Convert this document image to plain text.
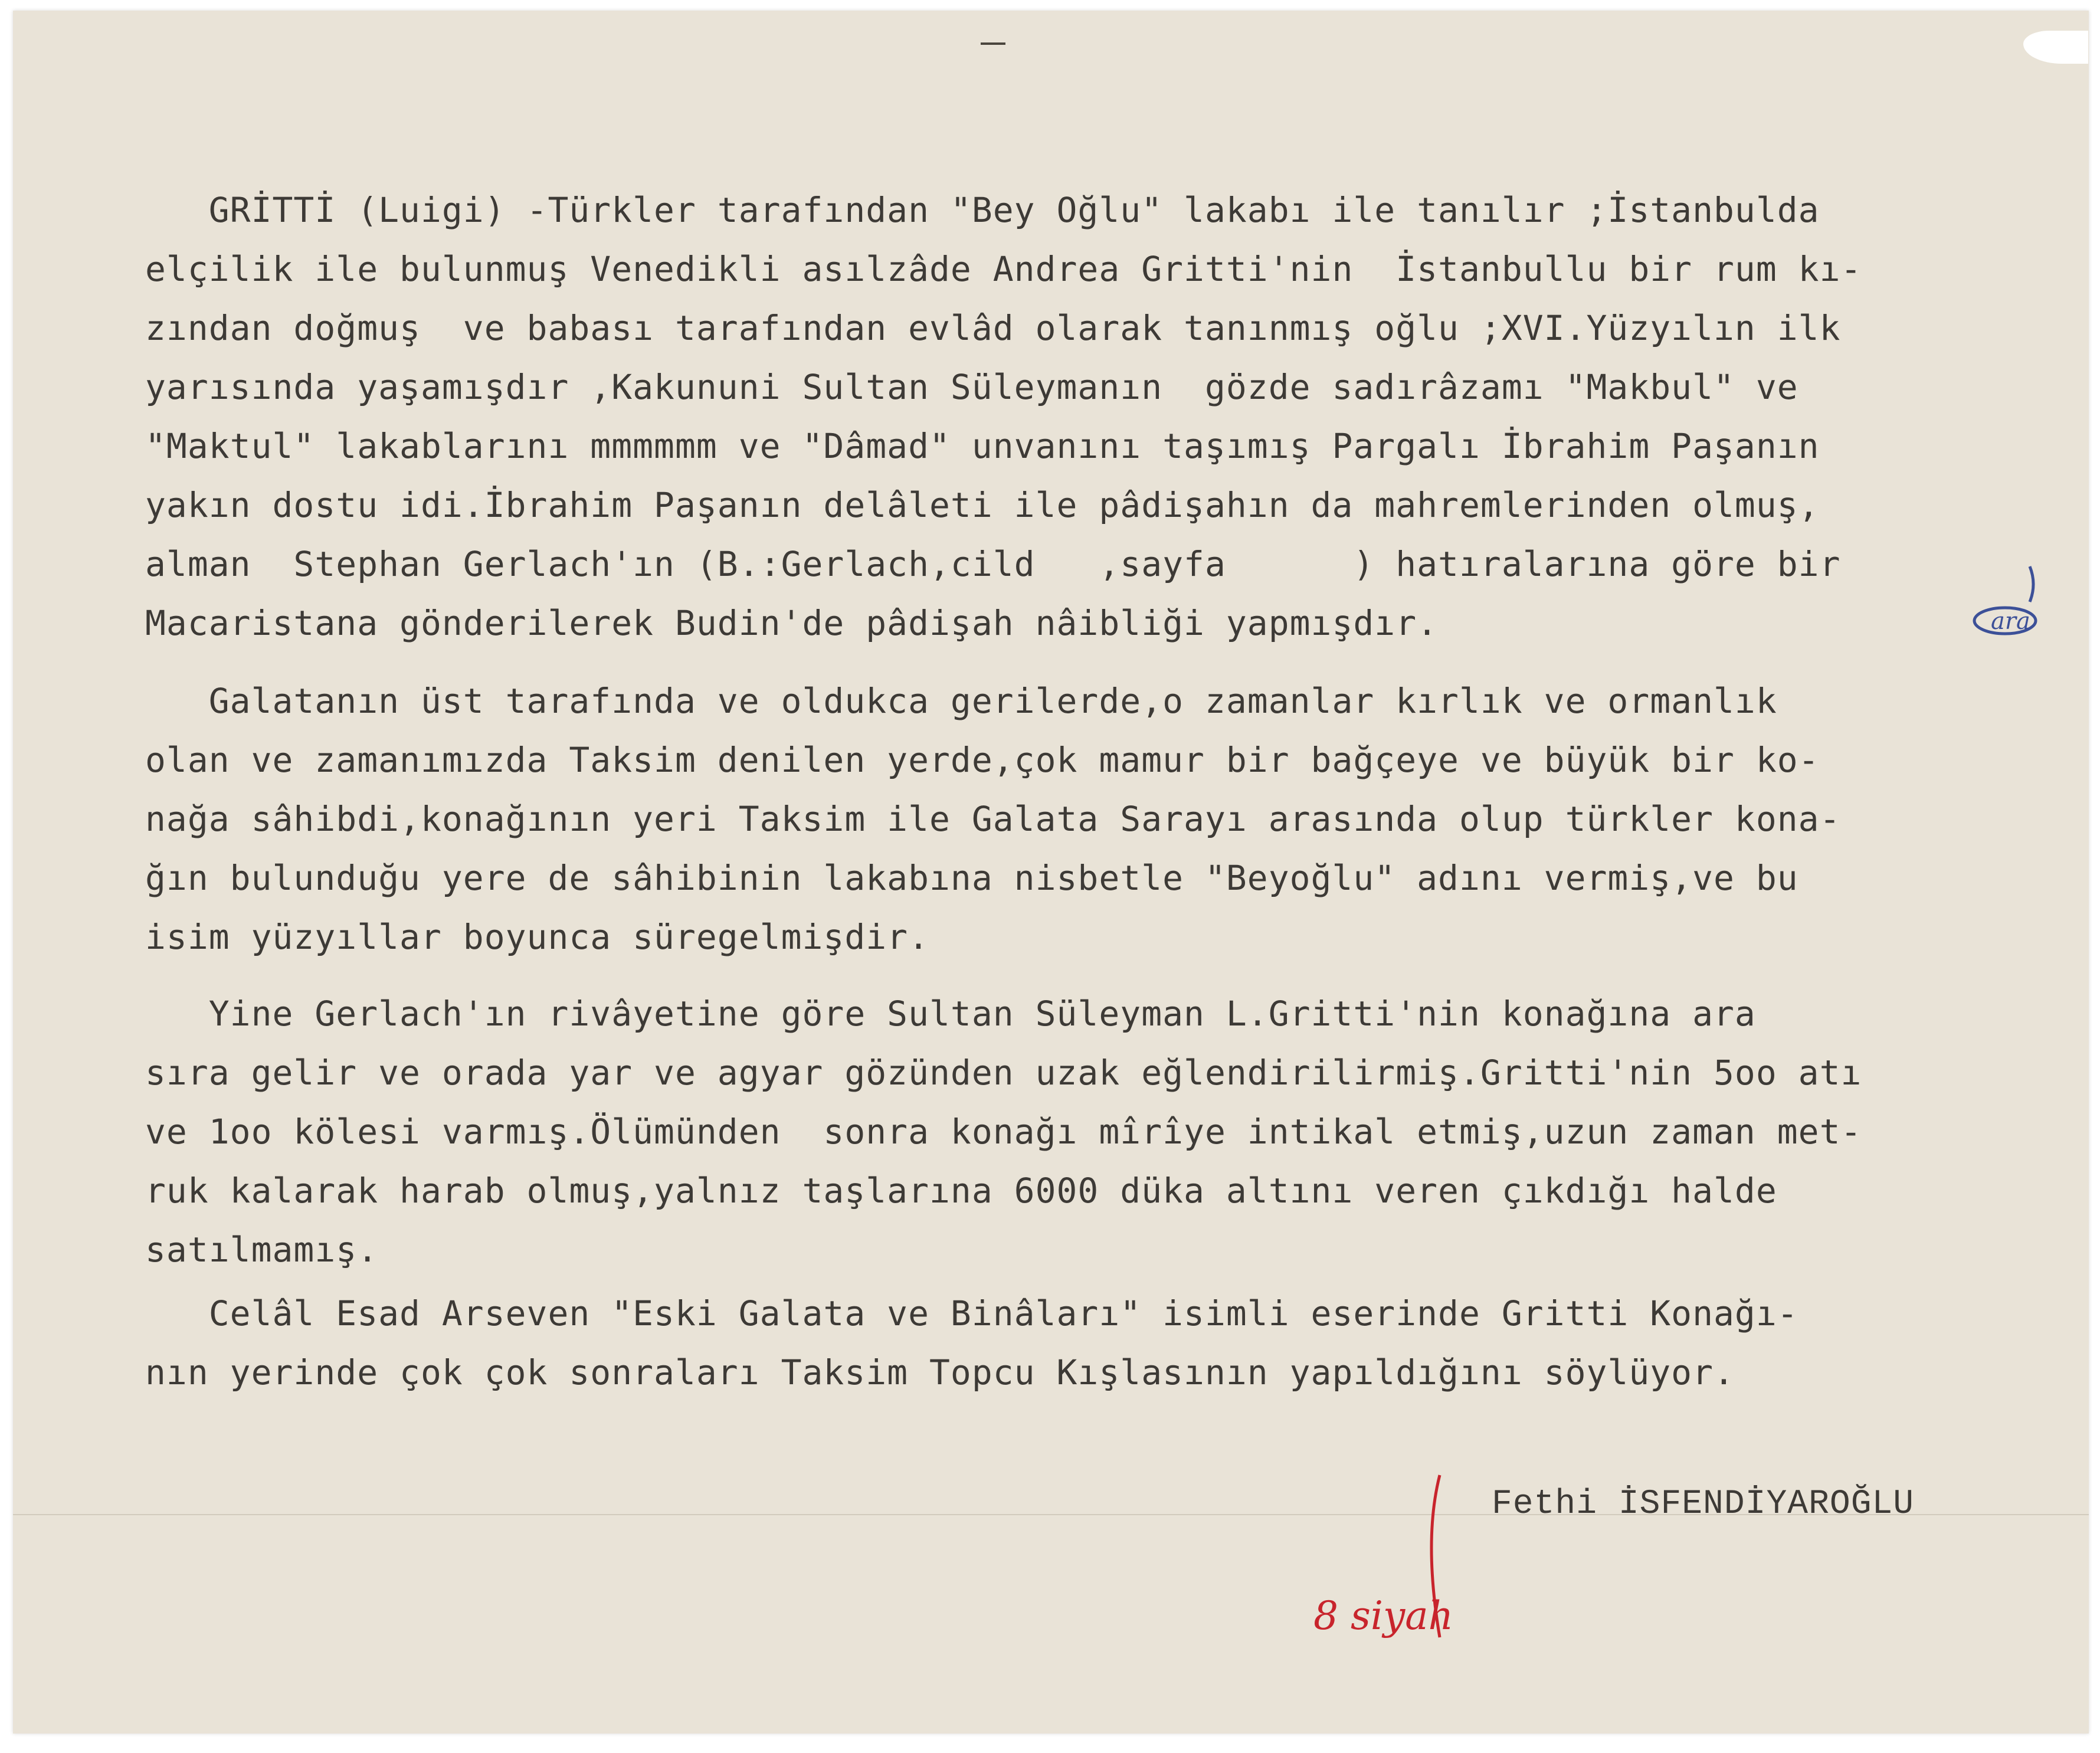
GRİTTİ (Luigi) -Türkler tarafından "Bey Oğlu" lakabı ile tanılır ;İstanbulda
elçilik ile bulunmuş Venedikli asılzâde Andrea Gritti'nin  İstanbullu bir rum kı-
zından doğmuş  ve babası tarafından evlâd olarak tanınmış oğlu ;XVI.Yüzyılın ilk
yarısında yaşamışdır ,Kakununi Sultan Süleymanın  gözde sadırâzamı "Makbul" ve
"Maktul" lakablarını mmmmmm ve "Dâmad" unvanını taşımış Pargalı İbrahim Paşanın
yakın dostu idi.İbrahim Paşanın delâleti ile pâdişahın da mahremlerinden olmuş,
alman  Stephan Gerlach'ın (B.:Gerlach,cild   ,sayfa      ) hatıralarına göre bir
Macaristana gönderilerek Budin'de pâdişah nâibliği yapmışdır.
Galatanın üst tarafında ve oldukca gerilerde,o zamanlar kırlık ve ormanlık
olan ve zamanımızda Taksim denilen yerde,çok mamur bir bağçeye ve büyük bir ko-
nağa sâhibdi,konağının yeri Taksim ile Galata Sarayı arasında olup türkler kona-
ğın bulunduğu yere de sâhibinin lakabına nisbetle "Beyoğlu" adını vermiş,ve bu
isim yüzyıllar boyunca süregelmişdir.
Yine Gerlach'ın rivâyetine göre Sultan Süleyman L.Gritti'nin konağına ara
sıra gelir ve orada yar ve agyar gözünden uzak eğlendirilirmiş.Gritti'nin 5oo atı
ve 1oo kölesi varmış.Ölümünden  sonra konağı mîrîye intikal etmiş,uzun zaman met-
ruk kalarak harab olmuş,yalnız taşlarına 6000 düka altını veren çıkdığı halde
satılmamış.
Celâl Esad Arseven "Eski Galata ve Binâları" isimli eserinde Gritti Konağı-
nın yerinde çok çok sonraları Taksim Topcu Kışlasının yapıldığını söylüyor.
Fethi İSFENDİYAROĞLU
ara
8 siyah
